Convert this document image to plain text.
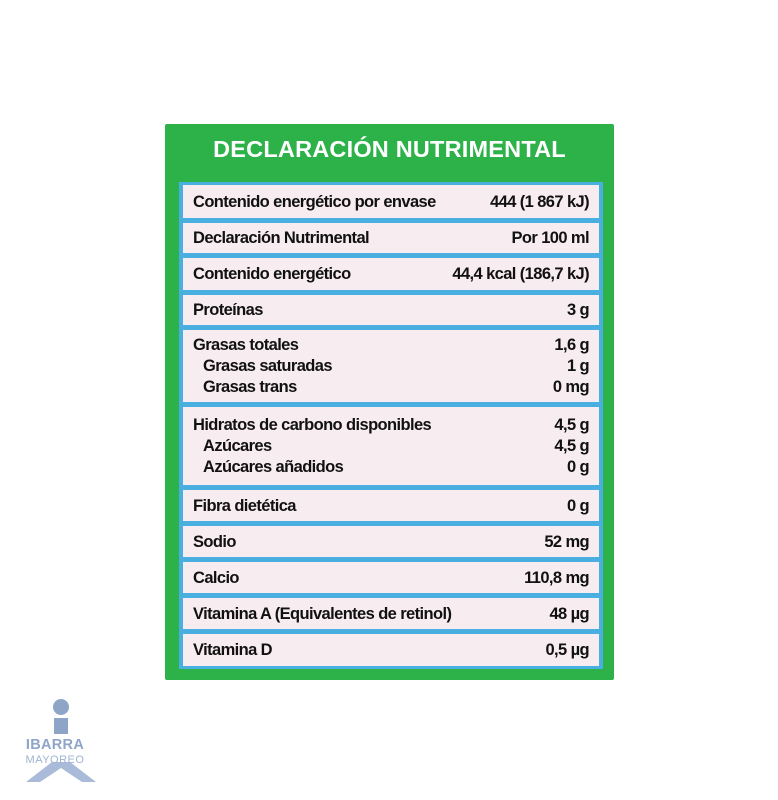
DECLARACIÓN NUTRIMENTAL
Contenido energético por envase	444 (1 867 kJ)
Declaración Nutrimental	Por 100 ml
Contenido energético	44,4 kcal (186,7 kJ)
Proteínas	3 g
Grasas totales	1,6 g
Grasas saturadas	1 g
Grasas trans	0 mg
Hidratos de carbono disponibles	4,5 g
Azúcares	4,5 g
Azúcares añadidos	0 g
Fibra dietética	0 g
Sodio	52 mg
Calcio	110,8 mg
Vitamina A (Equivalentes de retinol)	48 µg
Vitamina D	0,5 µg
IBARRA
MAYOREO
